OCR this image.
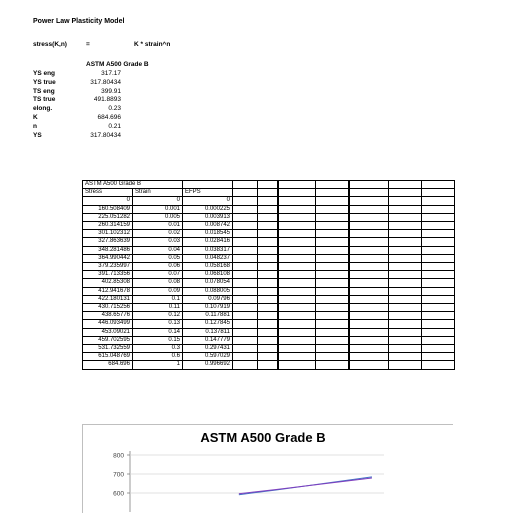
Power Law Plasticity Model
stress(K,n)	=	K * strain^n
ASTM A500 Grade B
YS eng	317.17
YS true	317.80434
TS eng	399.91
TS true	491.8893
elong.	0.23
K	684.696
n	0.21
YS	317.80434
ASTM A500 Grade B									
Stress	Strain	EFPS							
0	0	0							
160.508409	0.001	0.000225							
225.051282	0.005	0.003913							
260.314159	0.01	0.008742							
301.102312	0.02	0.018545							
327.863639	0.03	0.028416							
348.281486	0.04	0.038317							
364.990442	0.05	0.048237							
379.235997	0.06	0.058168							
391.713356	0.07	0.068108							
402.85308	0.08	0.078054							
412.941678	0.09	0.088005							
422.180131	0.1	0.09796							
430.715256	0.11	0.107919							
438.65776	0.12	0.117881							
446.093499	0.13	0.127845							
453.09021	0.14	0.137811							
459.702595	0.15	0.147779							
531.732559	0.3	0.297431							
615.048769	0.6	0.597029							
684.696	1	0.996692							
ASTM A500 Grade B
800
700
600
